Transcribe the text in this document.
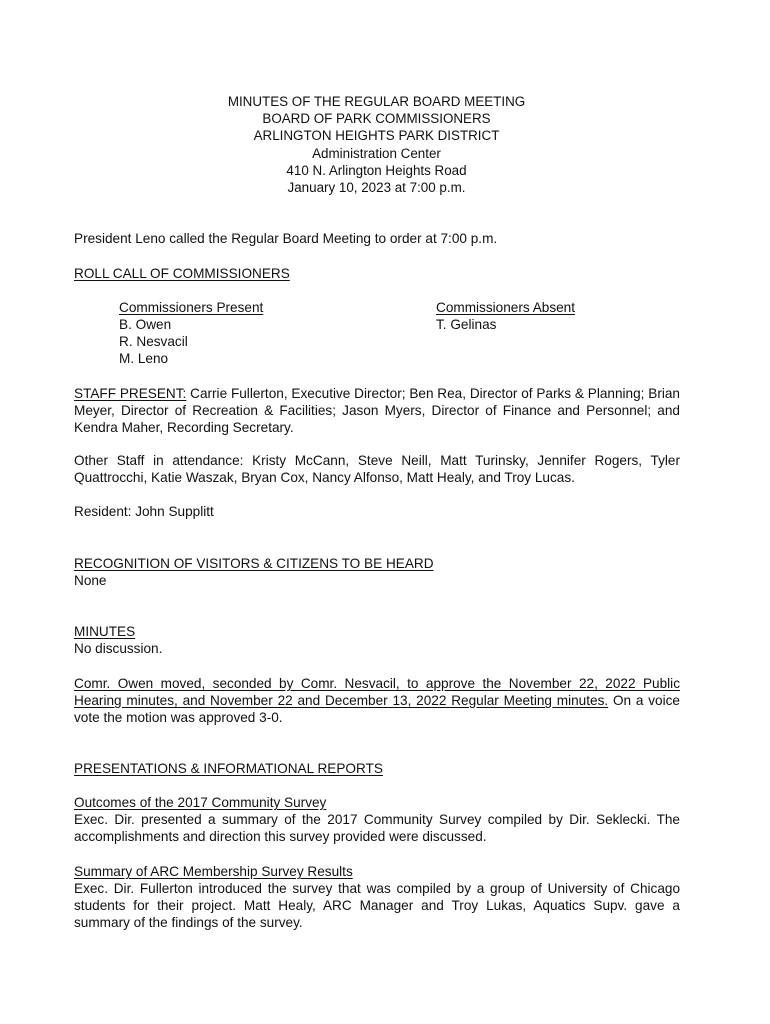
MINUTES OF THE REGULAR BOARD MEETING
BOARD OF PARK COMMISSIONERS
ARLINGTON HEIGHTS PARK DISTRICT
Administration Center
410 N. Arlington Heights Road
January 10, 2023 at 7:00 p.m.
President Leno called the Regular Board Meeting to order at 7:00 p.m.
ROLL CALL OF COMMISSIONERS
Commissioners Present
B. Owen
R. Nesvacil
M. Leno
Commissioners Absent
T. Gelinas
STAFF PRESENT: Carrie Fullerton, Executive Director; Ben Rea, Director of Parks & Planning; Brian Meyer, Director of Recreation & Facilities; Jason Myers, Director of Finance and Personnel; and Kendra Maher, Recording Secretary.
Other Staff in attendance: Kristy McCann, Steve Neill, Matt Turinsky, Jennifer Rogers, Tyler Quattrocchi, Katie Waszak, Bryan Cox, Nancy Alfonso, Matt Healy, and Troy Lucas.
Resident: John Supplitt
RECOGNITION OF VISITORS & CITIZENS TO BE HEARD
None
MINUTES
No discussion.
Comr. Owen moved, seconded by Comr. Nesvacil, to approve the November 22, 2022 Public Hearing minutes, and November 22 and December 13, 2022 Regular Meeting minutes. On a voice vote the motion was approved 3-0.
PRESENTATIONS & INFORMATIONAL REPORTS
Outcomes of the 2017 Community Survey
Exec. Dir. presented a summary of the 2017 Community Survey compiled by Dir. Seklecki. The accomplishments and direction this survey provided were discussed.
Summary of ARC Membership Survey Results
Exec. Dir. Fullerton introduced the survey that was compiled by a group of University of Chicago students for their project. Matt Healy, ARC Manager and Troy Lukas, Aquatics Supv. gave a summary of the findings of the survey.
